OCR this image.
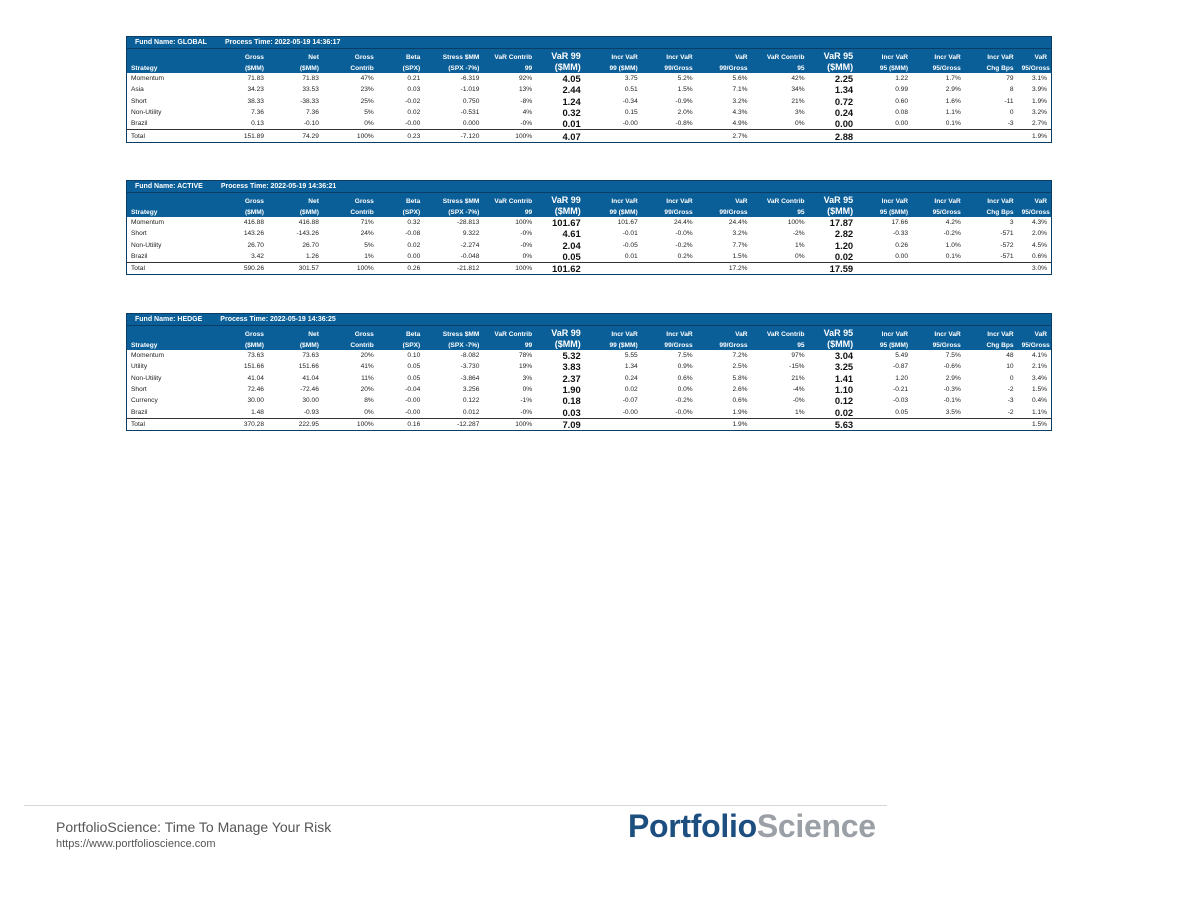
Fund Name: GLOBAL	Process Time: 2022-05-19 14:36:17
	Gross	Net	Gross	Beta	Stress $MM	VaR Contrib	VaR 99	Incr VaR	Incr VaR	VaR	VaR Contrib	VaR 95	Incr VaR	Incr VaR	Incr VaR	VaR
Strategy	($MM)	($MM)	Contrib	(SPX)	(SPX -7%)	99	($MM)	99 ($MM)	99/Gross	99/Gross	95	($MM)	95 ($MM)	95/Gross	Chg Bps	95/Gross
Momentum	71.83	71.83	47%	0.21	-6.319	92%	4.05	3.75	5.2%	5.6%	42%	2.25	1.22	1.7%	79	3.1%
Asia	34.23	33.53	23%	0.03	-1.019	13%	2.44	0.51	1.5%	7.1%	34%	1.34	0.99	2.9%	8	3.9%
Short	38.33	-38.33	25%	-0.02	0.750	-8%	1.24	-0.34	-0.9%	3.2%	21%	0.72	0.60	1.6%	-11	1.9%
Non-Utility	7.36	7.36	5%	0.02	-0.531	4%	0.32	0.15	2.0%	4.3%	3%	0.24	0.08	1.1%	0	3.2%
Brazil	0.13	-0.10	0%	-0.00	0.000	-0%	0.01	-0.00	-0.8%	4.9%	0%	0.00	0.00	0.1%	-3	2.7%
Total	151.89	74.29	100%	0.23	-7.120	100%	4.07			2.7%		2.88				1.9%
Fund Name: ACTIVE	Process Time: 2022-05-19 14:36:21
	Gross	Net	Gross	Beta	Stress $MM	VaR Contrib	VaR 99	Incr VaR	Incr VaR	VaR	VaR Contrib	VaR 95	Incr VaR	Incr VaR	Incr VaR	VaR
Strategy	($MM)	($MM)	Contrib	(SPX)	(SPX -7%)	99	($MM)	99 ($MM)	99/Gross	99/Gross	95	($MM)	95 ($MM)	95/Gross	Chg Bps	95/Gross
Momentum	416.88	416.88	71%	0.32	-28.813	100%	101.67	101.67	24.4%	24.4%	100%	17.87	17.66	4.2%	3	4.3%
Short	143.26	-143.26	24%	-0.08	9.322	-0%	4.61	-0.01	-0.0%	3.2%	-2%	2.82	-0.33	-0.2%	-571	2.0%
Non-Utility	26.70	26.70	5%	0.02	-2.274	-0%	2.04	-0.05	-0.2%	7.7%	1%	1.20	0.26	1.0%	-572	4.5%
Brazil	3.42	1.26	1%	0.00	-0.048	0%	0.05	0.01	0.2%	1.5%	0%	0.02	0.00	0.1%	-571	0.6%
Total	590.26	301.57	100%	0.26	-21.812	100%	101.62			17.2%		17.59				3.0%
Fund Name: HEDGE	Process Time: 2022-05-19 14:36:25
	Gross	Net	Gross	Beta	Stress $MM	VaR Contrib	VaR 99	Incr VaR	Incr VaR	VaR	VaR Contrib	VaR 95	Incr VaR	Incr VaR	Incr VaR	VaR
Strategy	($MM)	($MM)	Contrib	(SPX)	(SPX -7%)	99	($MM)	99 ($MM)	99/Gross	99/Gross	95	($MM)	95 ($MM)	95/Gross	Chg Bps	95/Gross
Momentum	73.63	73.63	20%	0.10	-8.082	78%	5.32	5.55	7.5%	7.2%	97%	3.04	5.49	7.5%	48	4.1%
Utility	151.66	151.66	41%	0.05	-3.730	19%	3.83	1.34	0.9%	2.5%	-15%	3.25	-0.87	-0.6%	10	2.1%
Non-Utility	41.04	41.04	11%	0.05	-3.864	3%	2.37	0.24	0.6%	5.8%	21%	1.41	1.20	2.9%	0	3.4%
Short	72.46	-72.46	20%	-0.04	3.256	0%	1.90	0.02	0.0%	2.6%	-4%	1.10	-0.21	-0.3%	-2	1.5%
Currency	30.00	30.00	8%	-0.00	0.122	-1%	0.18	-0.07	-0.2%	0.6%	-0%	0.12	-0.03	-0.1%	-3	0.4%
Brazil	1.48	-0.93	0%	-0.00	0.012	-0%	0.03	-0.00	-0.0%	1.9%	1%	0.02	0.05	3.5%	-2	1.1%
Total	370.28	222.95	100%	0.16	-12.287	100%	7.09			1.9%		5.63				1.5%
PortfolioScience: Time To Manage Your Risk
https://www.portfolioscience.com	PortfolioScience
